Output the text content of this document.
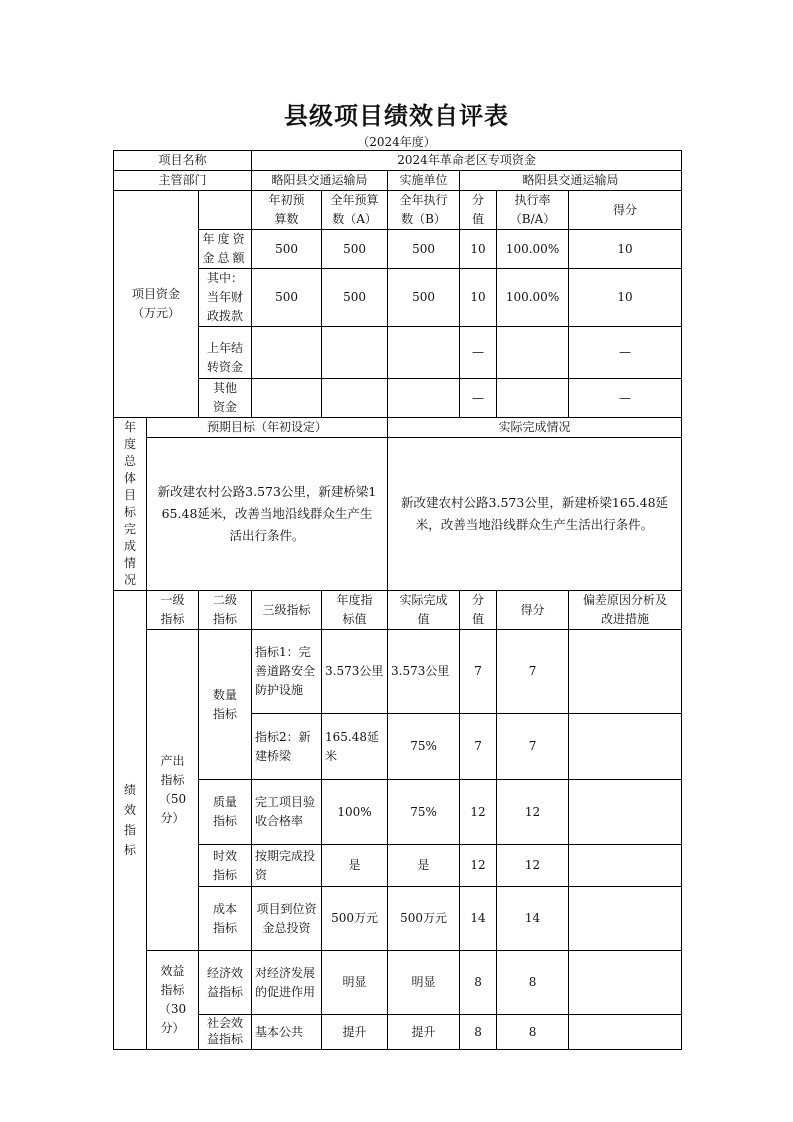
县级项目绩效自评表
（2024年度）
项目名称			2024年革命老区专项资金					
主管部门			略阳县交通运输局		实施单位	略阳县交通运输局		
项目资金（万元）			年初预算数	全年预算数（A）	全年执行数（B）	分值	执行率（B/A）	得分
		年度资金总额	500	500	500	10	100.00%	10
		其中：当年财政拨款	500	500	500	10	100.00%	10
		上年结转资金				—		—
		其他资金				—		—
年度总体目标完成情况	预期目标（年初设定）				实际完成情况			
	新改建农村公路3.573公里，新建桥梁165.48延米，改善当地沿线群众生产生活出行条件。				新改建农村公路3.573公里，新建桥梁165.48延米，改善当地沿线群众生产生活出行条件。			
绩效指标	一级指标	二级指标	三级指标	年度指标值	实际完成值	分值	得分	偏差原因分析及改进措施
	产出指标（50分）	数量指标	指标1：完善道路安全防护设施	3.573公里	3.573公里	7	7	
			指标2：新建桥梁	165.48延米	75%	7	7	
		质量指标	完工项目验收合格率	100%	75%	12	12	
		时效指标	按期完成投资	是	是	12	12	
		成本指标	项目到位资金总投资	500万元	500万元	14	14	
	效益指标（30分）	经济效益指标	对经济发展的促进作用	明显	明显	8	8	
		社会效益指标	基本公共	提升	提升	8	8	
